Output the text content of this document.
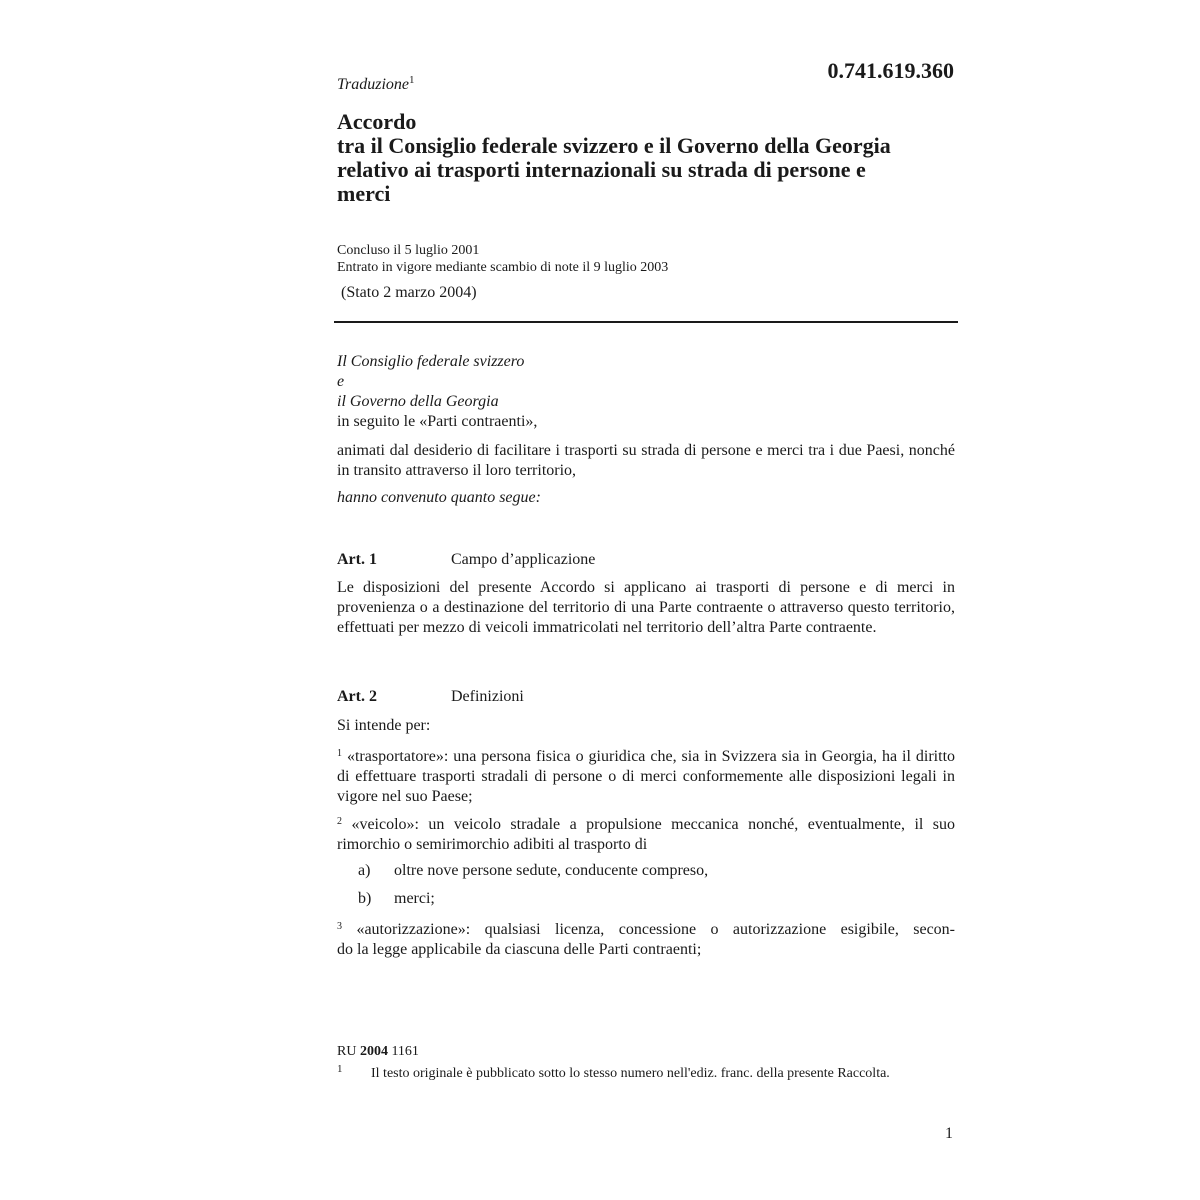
0.741.619.360
Traduzione$^1$
Accordo
tra il Consiglio federale svizzero e il Governo della Georgia
relativo ai trasporti internazionali su strada di persone e
merci
Concluso il 5 luglio 2001
Entrato in vigore mediante scambio di note il 9 luglio 2003
(Stato 2 marzo 2004)
Il Consiglio federale svizzero
e
il Governo della Georgia
in seguito le «Parti contraenti»,
animati dal desiderio di facilitare i trasporti su strada di persone e merci tra i due Paesi, nonché in transito attraverso il loro territorio,
hanno convenuto quanto segue:
Art. 1	Campo d’applicazione
Le disposizioni del presente Accordo si applicano ai trasporti di persone e di merci in provenienza o a destinazione del territorio di una Parte contraente o attraverso questo territorio, effettuati per mezzo di veicoli immatricolati nel territorio dell’altra Parte contraente.
Art. 2	Definizioni
Si intende per:
$^1$ «trasportatore»: una persona fisica o giuridica che, sia in Svizzera sia in Georgia, ha il diritto di effettuare trasporti stradali di persone o di merci conformemente alle disposizioni legali in vigore nel suo Paese;
$^2$ «veicolo»: un veicolo stradale a propulsione meccanica nonché, eventualmente, il suo rimorchio o semirimorchio adibiti al trasporto di
a) oltre nove persone sedute, conducente compreso,
b) merci;
$^3$ «autorizzazione»: qualsiasi licenza, concessione o autorizzazione esigibile, secon-
do la legge applicabile da ciascuna delle Parti contraenti;
RU 2004 1161
1 Il testo originale è pubblicato sotto lo stesso numero nell'ediz. franc. della presente Raccolta.
1
